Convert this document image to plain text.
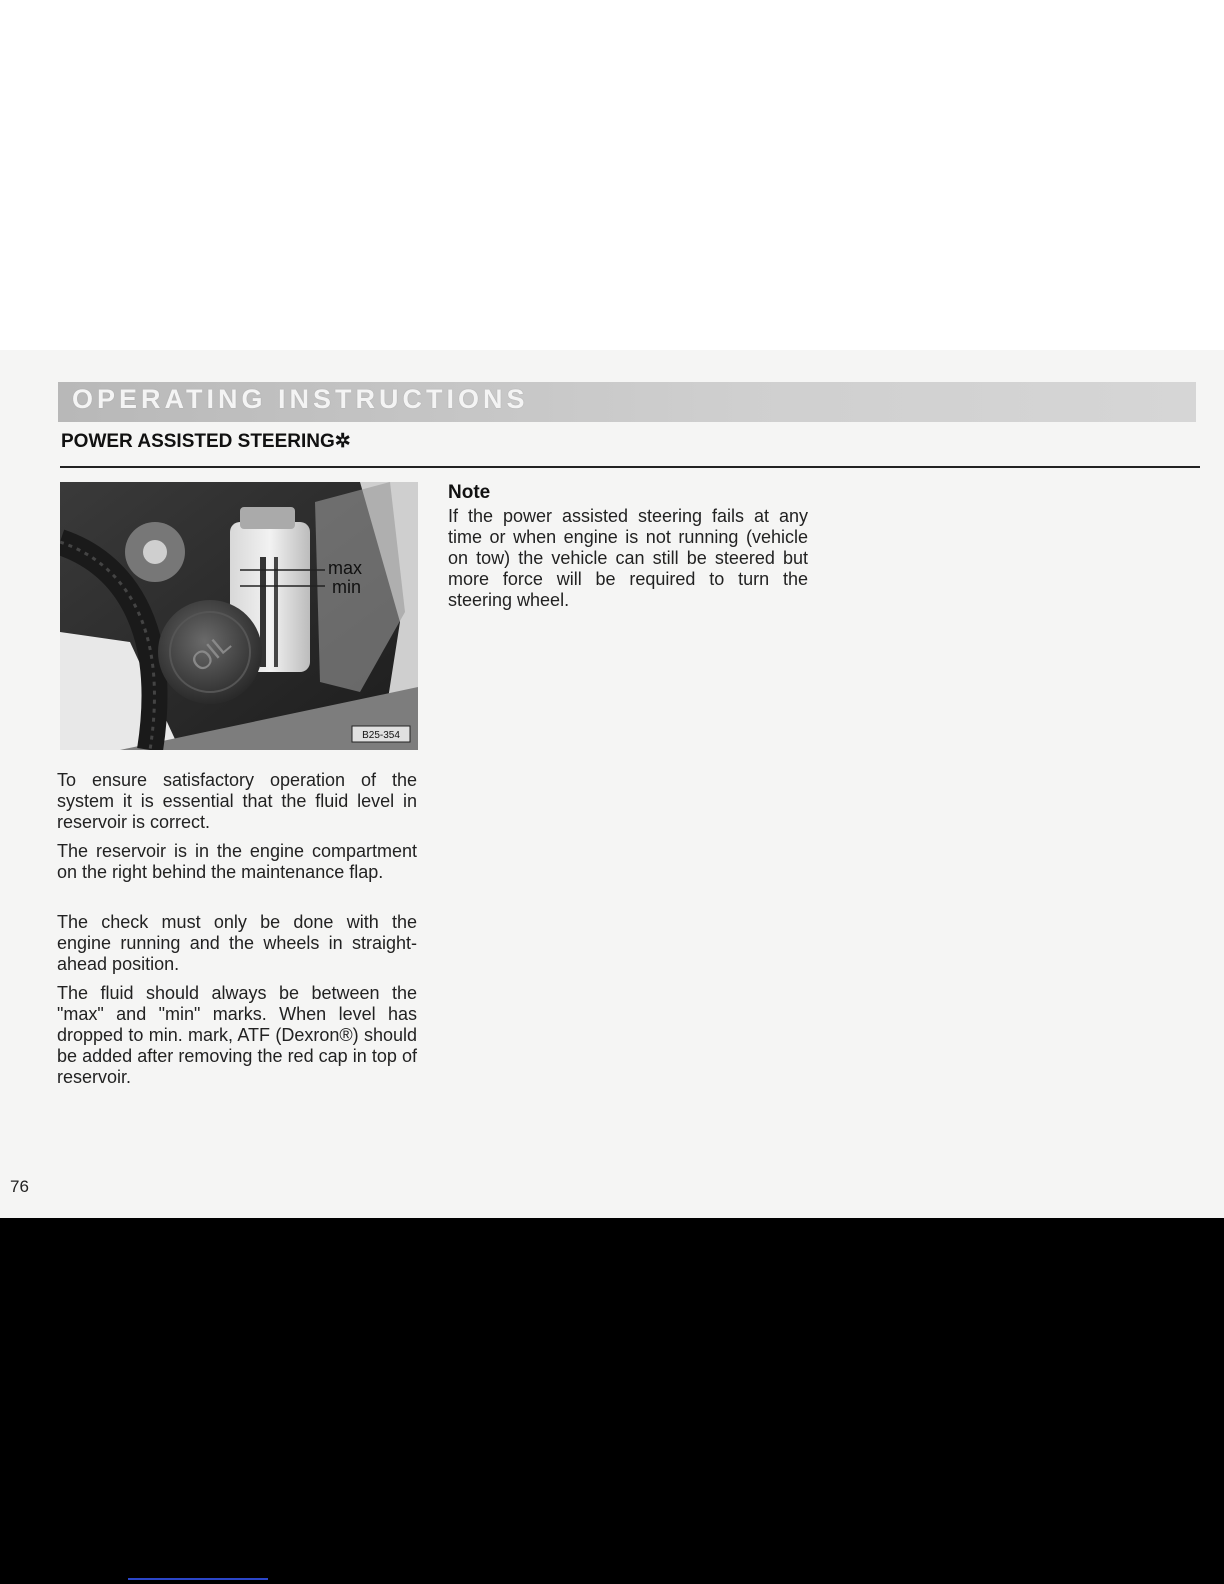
OPERATING INSTRUCTIONS
POWER ASSISTED STEERING✲
max
min
OIL
B25-354

To ensure satisfactory operation of the system it is essential that the fluid level in reservoir is correct.

The reservoir is in the engine compartment on the right behind the maintenance flap.

The check must only be done with the engine running and the wheels in straight-ahead position.

The fluid should always be between the "max" and "min" marks. When level has dropped to min. mark, ATF (Dexron®) should be added after removing the red cap in top of reservoir.

Note

If the power assisted steering fails at any time or when engine is not running (vehicle on tow) the vehicle can still be steered but more force will be required to turn the steering wheel.

76
